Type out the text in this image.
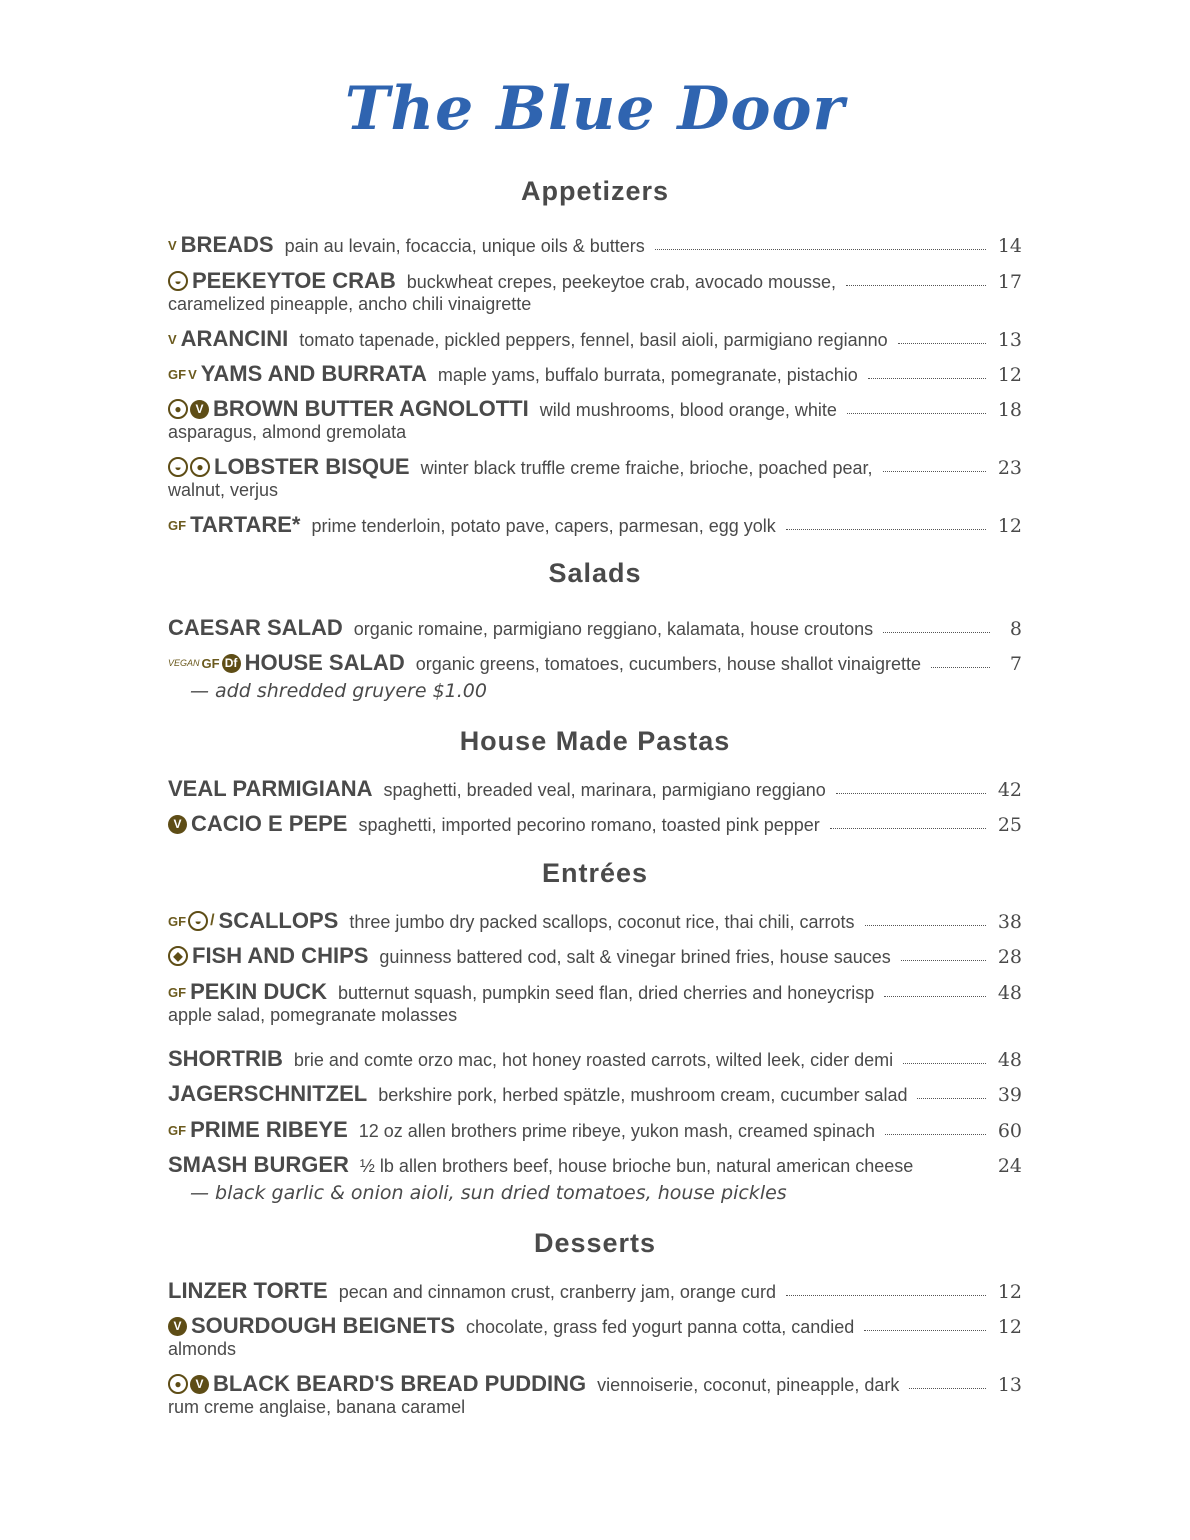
The Blue Door
Appetizers
V BREADS pain au levain, focaccia, unique oils & butters	14
◒ PEEKEYTOE CRAB buckwheat crepes, peekeytoe crab, avocado mousse,	17
caramelized pineapple, ancho chili vinaigrette
V ARANCINI tomato tapenade, pickled peppers, fennel, basil aioli, parmigiano regianno	13
GF V YAMS AND BURRATA maple yams, buffalo burrata, pomegranate, pistachio	12
●	V BROWN BUTTER AGNOLOTTI wild mushrooms, blood orange, white	18
asparagus, almond gremolata
◒	● LOBSTER BISQUE winter black truffle creme fraiche, brioche, poached pear,	23
walnut, verjus
GF TARTARE* prime tenderloin, potato pave, capers, parmesan, egg yolk	12
Salads
CAESAR SALAD organic romaine, parmigiano reggiano, kalamata, house croutons	8
VEGAN GF Df HOUSE SALAD organic greens, tomatoes, cucumbers, house shallot vinaigrette	7
— add shredded gruyere $1.00
House Made Pastas
VEAL PARMIGIANA spaghetti, breaded veal, marinara, parmigiano reggiano	42
V CACIO E PEPE spaghetti, imported pecorino romano, toasted pink pepper	25
Entrées
GF ◒ / SCALLOPS three jumbo dry packed scallops, coconut rice, thai chili, carrots	38
◆ FISH AND CHIPS guinness battered cod, salt & vinegar brined fries, house sauces	28
GF PEKIN DUCK butternut squash, pumpkin seed flan, dried cherries and honeycrisp	48
apple salad, pomegranate molasses
SHORTRIB brie and comte orzo mac, hot honey roasted carrots, wilted leek, cider demi	48
JAGERSCHNITZEL berkshire pork, herbed spätzle, mushroom cream, cucumber salad	39
GF PRIME RIBEYE 12 oz allen brothers prime ribeye, yukon mash, creamed spinach	60
SMASH BURGER ½ lb allen brothers beef, house brioche bun, natural american cheese	24
— black garlic & onion aioli, sun dried tomatoes, house pickles
Desserts
LINZER TORTE pecan and cinnamon crust, cranberry jam, orange curd	12
V SOURDOUGH BEIGNETS chocolate, grass fed yogurt panna cotta, candied	12
almonds
●	V BLACK BEARD'S BREAD PUDDING viennoiserie, coconut, pineapple, dark	13
rum creme anglaise, banana caramel
